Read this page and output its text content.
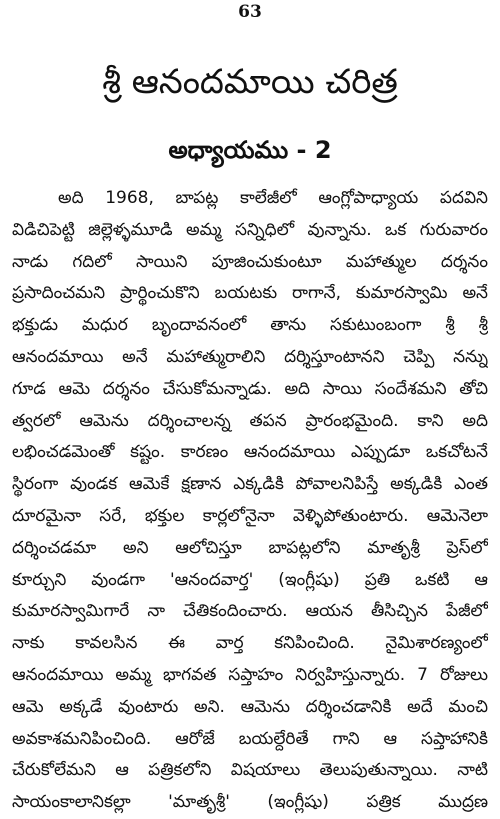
63
శ్రీ ఆనందమాయి చరిత్ర
అధ్యాయము - 2
అది 1968, బాపట్ల కాలేజీలో ఆంగ్లోపాధ్యాయ పదవిని
విడిచిపెట్టి జిల్లెళ్ళమూడి అమ్మ సన్నిధిలో వున్నాను. ఒక గురువారం
నాడు గదిలో సాయిని పూజించుకుంటూ మహాత్ముల దర్శనం
ప్రసాదించమని ప్రార్థించుకొని బయటకు రాగానే, కుమారస్వామి అనే
భక్తుడు మధుర బృందావనంలో తాను సకుటుంబంగా శ్రీ శ్రీ
ఆనందమాయి అనే మహాత్మురాలిని దర్శిస్తూంటానని చెప్పి నన్ను
గూడ ఆమె దర్శనం చేసుకోమన్నాడు. అది సాయి సందేశమని తోచి
త్వరలో ఆమెను దర్శించాలన్న తపన ప్రారంభమైంది. కాని అది
లభించడమెంతో కష్టం. కారణం ఆనందమాయి ఎప్పుడూ ఒకచోటనే
స్థిరంగా వుండక ఆమెకే క్షణాన ఎక్కడికి పోవాలనిపిస్తే అక్కడికి ఎంత
దూరమైనా సరే, భక్తుల కార్లలోనైనా వెళ్ళిపోతుంటారు. ఆమెనెలా
దర్శించడమా అని ఆలోచిస్తూ బాపట్లలోని మాతృశ్రీ ప్రెస్‌లో
కూర్చుని వుండగా 'ఆనందవార్త' (ఇంగ్లీషు) ప్రతి ఒకటి ఆ
కుమారస్వామిగారే నా చేతికందించారు. ఆయన తీసిచ్చిన పేజీలో
నాకు కావలసిన ఈ వార్త కనిపించింది. నైమిశారణ్యంలో
ఆనందమాయి అమ్మ భాగవత సప్తాహం నిర్వహిస్తున్నారు. 7 రోజులు
ఆమె అక్కడే వుంటారు అని. ఆమెను దర్శించడానికి అదే మంచి
అవకాశమనిపించింది. ఆరోజే బయల్దేరితే గాని ఆ సప్తాహానికి
చేరుకోలేమని ఆ పత్రికలోని విషయాలు తెలుపుతున్నాయి. నాటి
సాయంకాలానికల్లా 'మాతృశ్రీ' (ఇంగ్లీషు) పత్రిక ముద్రణ
